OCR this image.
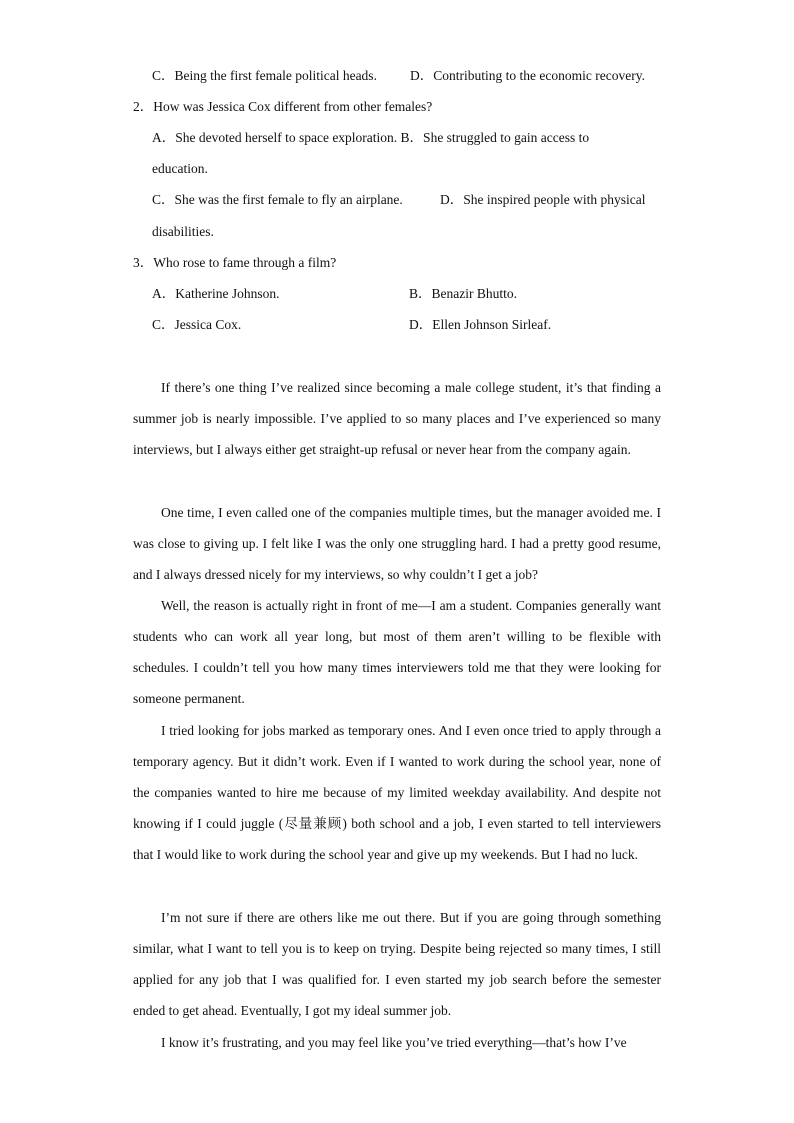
C．Being the first female political heads. D．Contributing to the economic recovery.
2．How was Jessica Cox different from other females?
A．She devoted herself to space exploration. B．She struggled to gain access to
education.
C．She was the first female to fly an airplane.	D．She inspired people with physical
disabilities.
3．Who rose to fame through a film?
A．Katherine Johnson.	B．Benazir Bhutto.
C．Jessica Cox.	D．Ellen Johnson Sirleaf.

If there’s one thing I’ve realized since becoming a male college student, it’s that finding a summer job is nearly impossible. I’ve applied to so many places and I’ve experienced so many interviews, but I always either get straight-up refusal or never hear from the company again.

One time, I even called one of the companies multiple times, but the manager avoided me. I was close to giving up. I felt like I was the only one struggling hard. I had a pretty good resume, and I always dressed nicely for my interviews, so why couldn’t I get a job?

Well, the reason is actually right in front of me—I am a student. Companies generally want students who can work all year long, but most of them aren’t willing to be flexible with schedules. I couldn’t tell you how many times interviewers told me that they were looking for someone permanent.

I tried looking for jobs marked as temporary ones. And I even once tried to apply through a temporary agency. But it didn’t work. Even if I wanted to work during the school year, none of the companies wanted to hire me because of my limited weekday availability. And despite not knowing if I could juggle (尽量兼顾) both school and a job, I even started to tell interviewers that I would like to work during the school year and give up my weekends. But I had no luck.

I’m not sure if there are others like me out there. But if you are going through something similar, what I want to tell you is to keep on trying. Despite being rejected so many times, I still applied for any job that I was qualified for. I even started my job search before the semester ended to get ahead. Eventually, I got my ideal summer job.

I know it’s frustrating, and you may feel like you’ve tried everything—that’s how I’ve
